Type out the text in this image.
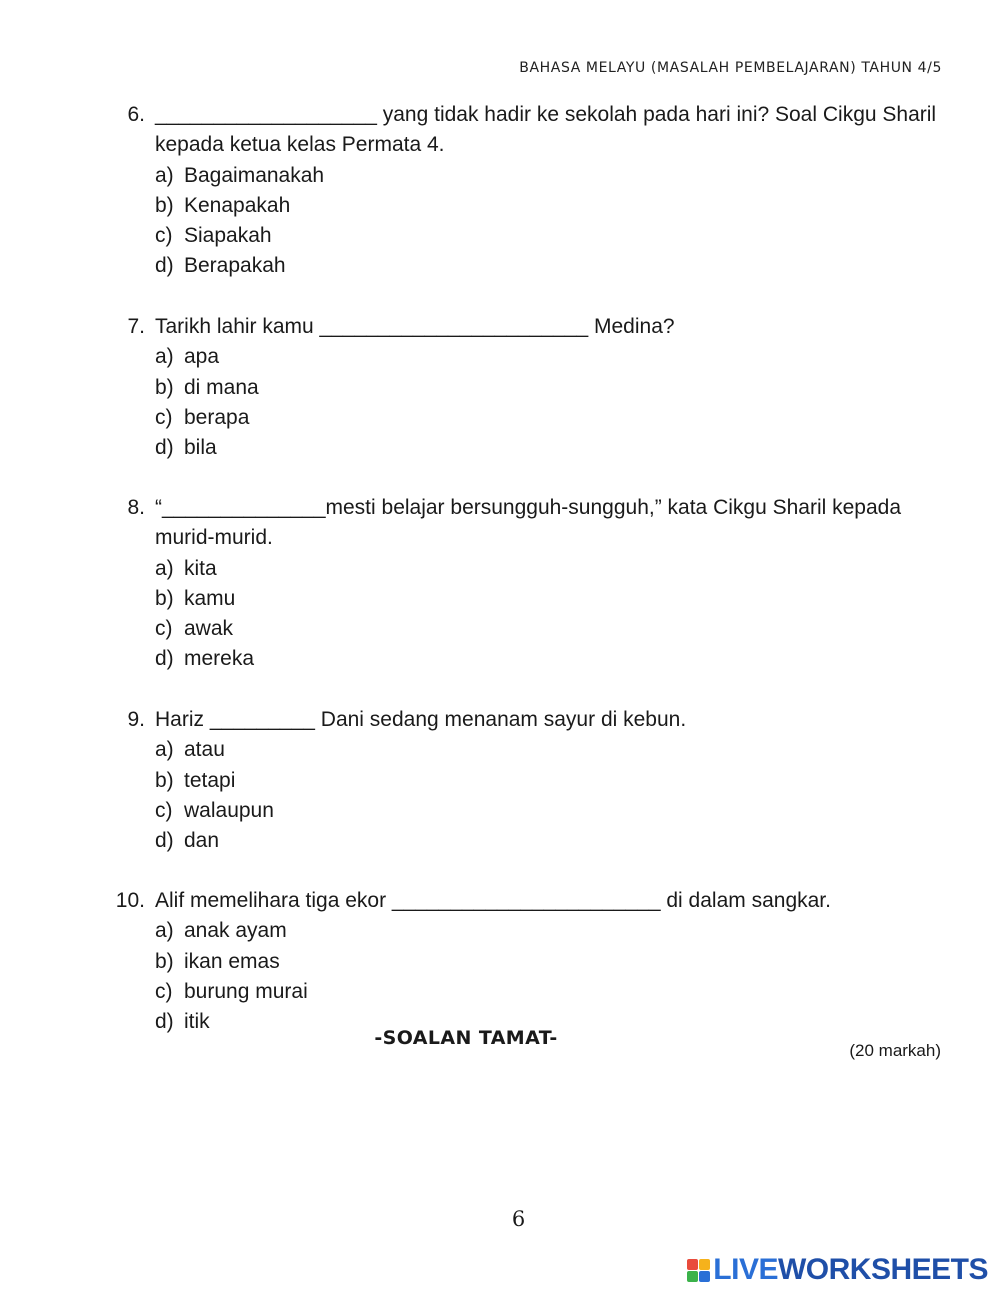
BAHASA MELAYU (MASALAH PEMBELAJARAN) TAHUN 4/5
6. ___________________ yang tidak hadir ke sekolah pada hari ini? Soal Cikgu Sharil kepada ketua kelas Permata 4.
a) Bagaimanakah
b) Kenapakah
c) Siapakah
d) Berapakah
7. Tarikh lahir kamu _______________________ Medina?
a) apa
b) di mana
c) berapa
d) bila
8. “______________mesti belajar bersungguh-sungguh,” kata Cikgu Sharil kepada murid-murid.
a) kita
b) kamu
c) awak
d) mereka
9. Hariz _________ Dani sedang menanam sayur di kebun.
a) atau
b) tetapi
c) walaupun
d) dan
10. Alif memelihara tiga ekor _______________________ di dalam sangkar.
a) anak ayam
b) ikan emas
c) burung murai
d) itik
-SOALAN TAMAT-
(20 markah)
6
LIVE WORKSHEETS
